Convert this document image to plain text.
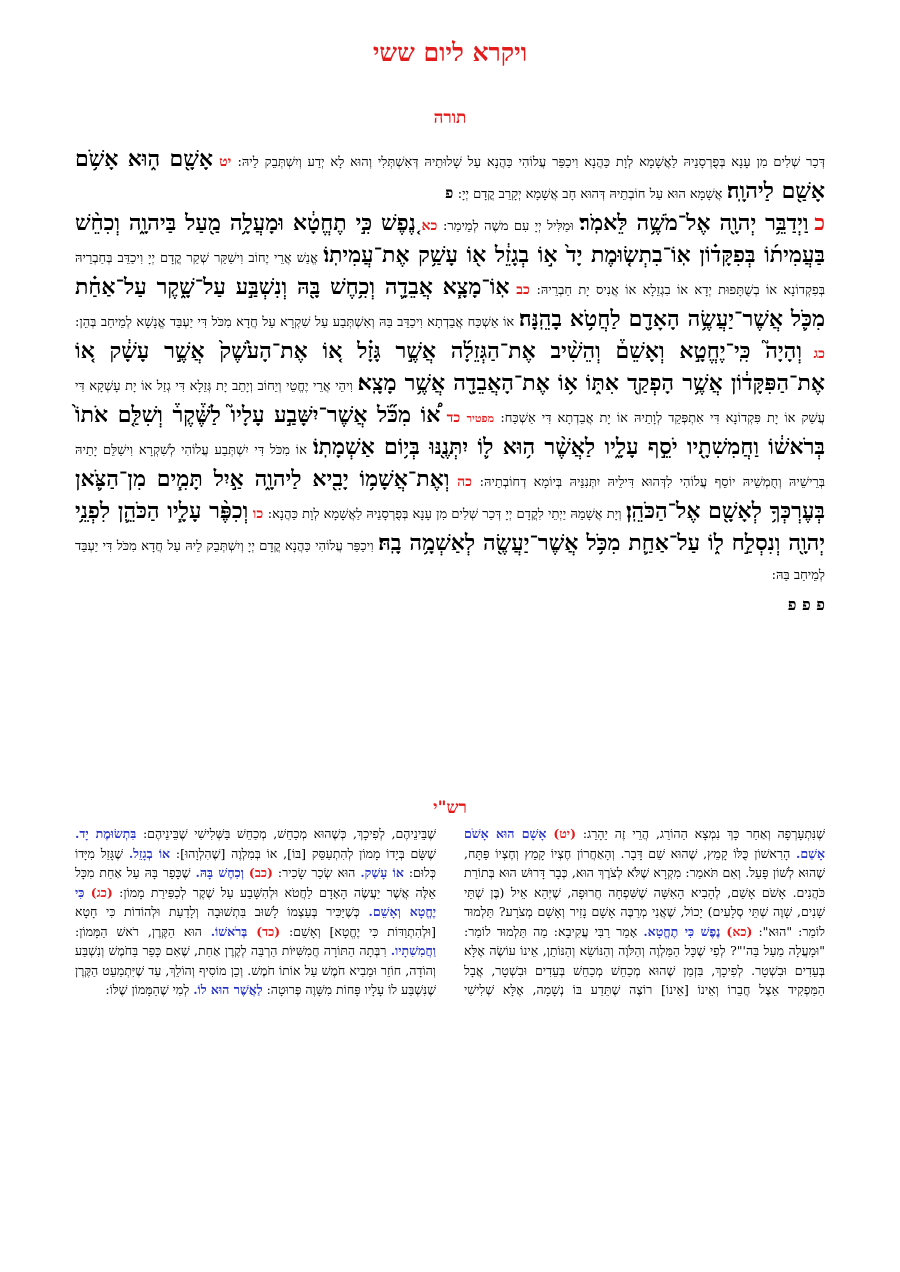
ויקרא ליום ששי
תורה
דְּכַר שְׁלִים מִן עָנָא בְּפֻרְסָנֵיהּ לַאֲשָׁמָא לְוָת כַּהֲנָא וִיכַפַּר עֲלוֹהִי כַּהֲנָא עַל שָׁלוּתֵיהּ דְּאִשְׁתְּלִי וְהוּא לָא יְדַע וְיִשְׁתְּבֵק לֵיהּ: יט אָשָׁ֖ם ה֑וּא אָשֹׁ֥ם אָשַׁ֖ם לַיהוָֽה׃ אֲשָׁמָא הוּא עַל חוֹבְתֵיהּ דְּהוּא חָב אֲשָׁמָא יְקָרֵב קֳדָם יְיָ: פ
כ וַיְדַבֵּ֥ר יְהוָ֖ה אֶל־מֹשֶׁ֥ה לֵּאמֹֽר׃ וּמַלִּיל יְיָ עִם משֶׁה לְמֵימַר: כא נֶ֚פֶשׁ כִּ֣י תֶחֱטָ֔א וּמָעֲלָ֥ה מַ֖עַל בַּיהוָ֑ה וְכִחֵ֨שׁ בַּעֲמִית֜וֹ בְּפִקָּד֗וֹן אֽוֹ־בִתְשׂ֤וּמֶת יָד֙ א֣וֹ בְגָזֵ֔ל א֖וֹ עָשַׁ֥ק אֶת־עֲמִיתֽוֹ׃ אֱנַשׁ אֲרֵי יֶחוֹב וִישַׁקַּר שְׁקַר קֳדָם יְיָ וִיכַדֵּב בְּחַבְרֵיהּ בְּפִקְדוֹנָא אוֹ בְשֻׁתָּפוּת יְדָא אוֹ בִגְזֵלָא אוֹ אֲנִיס יָת חַבְרֵיהּ: כב אֽוֹ־מָצָ֧א אֲבֵדָ֛ה וְכִ֥חֶשׁ בָּ֖הּ וְנִשְׁבַּ֣ע עַל־שָׁ֑קֶר עַל־אַחַ֗ת מִכֹּ֛ל אֲשֶׁר־יַעֲשֶׂ֥ה הָאָדָ֖ם לַחֲטֹ֥א בָהֵֽנָּה׃ אוֹ אַשְׁכַּח אֲבֵדְתָא וִיכַדֵּב בַּהּ וְאִשְׁתְּבַע עַל שִׁקְרָא עַל חֲדָא מִכֹּל דִּי יַעְבֵּד אֱנָשָׁא לְמֵיחַב בְּהֵן: כג וְהָיָה֮ כִּֽי־יֶחֱטָ֣א וְאָשֵׁם֒ וְהֵשִׁ֨יב אֶת־הַגְּזֵלָ֜ה אֲשֶׁ֣ר גָּזָ֗ל א֚וֹ אֶת־הָעֹ֙שֶׁק֙ אֲשֶׁ֣ר עָשָׁ֔ק א֚וֹ אֶת־הַפִּקָּד֔וֹן אֲשֶׁ֥ר הָפְקַ֖ד אִתּ֑וֹ א֥וֹ אֶת־הָאֲבֵדָ֖ה אֲשֶׁ֥ר מָצָֽא׃ וִיהֵי אֲרֵי יֶחֱטֵי וְיֵחוֹב וְיָתֵב יָת גְּזֵלָא דִּי גְזַל אוֹ יָת עָשְׁקָא דִּי עֲשַׁק אוֹ יָת פִּקְדוֹנָא דִּי אִתְפְּקֵד לְוָתֵיהּ אוֹ יָת אֲבֵדְתָא דִּי אַשְׁכַּח: מפטיר כד א֠וֹ מִכֹּ֞ל אֲשֶׁר־יִשָּׁבַ֣ע עָלָיו֮ לַשֶּׁ֒קֶר֒ וְשִׁלַּ֤ם אֹתוֹ֙ בְּרֹאשׁ֔וֹ וַחֲמִשִׁתָ֖יו יֹסֵ֣ף עָלָ֑יו לַאֲשֶׁ֨ר ה֥וּא ל֛וֹ יִתְּנֶ֖נּוּ בְּי֥וֹם אַשְׁמָתֽוֹ׃ אוֹ מִכֹּל דִּי יִשְׁתְּבַע עֲלוֹהִי לְשִׁקְרָא וִישַׁלֵּם יָתֵיהּ בְּרֵישֵׁיהּ וְחֻמְשֵׁיהּ יוֹסֵף עֲלוֹהִי לִדְּהוּא דִּילֵיהּ יִתְּנִנֵּיהּ בְּיוֹמָא דְחוֹבְתֵיהּ: כה וְאֶת־אֲשָׁמ֥וֹ יָבִ֖יא לַיהוָ֑ה אַ֣יִל תָּמִ֧ים מִן־הַצֹּ֛אן בְּעֶרְכְּךָ֥ לְאָשָׁ֖ם אֶל־הַכֹּהֵֽן׃ וְיָת אֲשָׁמֵהּ יַיְתֵי לִקֳדָם יְיָ דְּכַר שְׁלִים מִן עָנָא בְּפֻרְסָנֵיהּ לַאֲשָׁמָא לְוָת כַּהֲנָא: כו וְכִפֶּ֨ר עָלָ֧יו הַכֹּהֵ֛ן לִפְנֵ֥י יְהוָ֖ה וְנִסְלַ֣ח ל֑וֹ עַל־אַחַ֛ת מִכֹּ֥ל אֲשֶׁר־יַעֲשֶׂ֖ה לְאַשְׁמָ֥ה בָֽהּ׃ וִיכַפַּר עֲלוֹהִי כַּהֲנָא קֳדָם יְיָ וְיִשְׁתְּבֵק לֵיהּ עַל חֲדָא מִכֹּל דִּי יַעְבֵּד לְמֵיחַב בַּהּ:
פ פ פ
רש"י
שֶׁנִּתְעָרְפָה וְאַחַר כָּךְ נִמְצָא הַהוֹרֵג, הֲרֵי זֶה יֵהָרֵג: (יט) אָשָׁם הוּא אָשֹׁם אָשַׁם. הָרִאשׁוֹן כֻּלּוֹ קָמֵץ, שֶׁהוּא שֵׁם דָּבָר. וְהָאַחֲרוֹן חֶצְיוֹ קָמֵץ וְחֶצְיוֹ פַּתָּח, שֶׁהוּא לְשׁוֹן פָּעַל. וְאִם תֹּאמַר: מִקְרָא שֶׁלֹּא לְצֹרֶךְ הוּא, כְּבָר דָּרוּשׁ הוּא בְּתוֹרַת כֹּהֲנִים. אָשֹׁם אָשַׁם, לְהָבִיא הָאִשָּׁה שֶׁשִּׁפְחָה חֲרוּפָה, שֶׁיְּהֵא אֵיל (בֶּן שְׁתֵּי שָׁנִים, שָׁוֶה שְׁתֵּי סְלָעִים) יָכוֹל, שֶׁאֲנִי מְרַבֶּה אָשָׁם נָזִיר וְאָשָׁם מְצֹרָע? תַּלְמוּד לוֹמַר: "הוּא": (כא) נֶפֶשׁ כִּי תֶחֱטָא. אָמַר רַבִּי עֲקִיבָא: מַה תַּלְמוּד לוֹמַר: "וּמָעֲלָה מַעַל בַּה'"? לְפִי שֶׁכָּל הַמַּלְוֶה וְהַלֹּוֶה וְהַנּוֹשֵׂא וְהַנּוֹתֵן, אֵינוֹ עוֹשֶׂה אֶלָּא בְּעֵדִים וּבִשְׁטָר. לְפִיכָךְ, בִּזְמַן שֶׁהוּא מְכַחֵשׁ מְכַחֵשׁ בְּעֵדִים וּבִשְׁטָר, אֲבָל הַמַּפְקִיד אֵצֶל חֲבֵרוֹ וְאֵינוֹ [אֵינוֹ] רוֹצֶה שֶׁתֵּדַע בּוֹ נְשָׁמָה, אֶלָּא שְׁלִישִׁי שֶׁבֵּינֵיהֶם, לְפִיכָךְ, כְּשֶׁהוּא מְכַחֵשׁ, מְכַחֵשׁ בַּשְּׁלִישִׁי שֶׁבֵּינֵיהֶם: בִּתְשׂוּמֶת יָד. שֶׁשָּׂם בְּיָדוֹ מָמוֹן לְהִתְעַסֵּק [בּוֹ], אוֹ בְּמִלְוֶה [שֶׁהִלְוָהוּ]: אוֹ בְגָזֵל. שֶׁגָּזַל מִיָּדוֹ כְּלוּם: אוֹ עָשַׁק. הוּא שְׂכַר שָׂכִיר: (כב) וְכִחֶשׁ בָּהּ. שֶׁכָּפַר בָּהּ עַל אַחַת מִכָּל אֵלֶּה אֲשֶׁר יַעֲשֶׂה הָאָדָם לַחֲטֹא וּלְהִשָּׁבַע עַל שֶׁקֶר לְכַפִּירַת מָמוֹן: (כג) כִּי יֶחֱטָא וְאָשֵׁם. כְּשֶׁיַּכִּיר בְּעַצְמוֹ לָשׁוּב בִּתְשׁוּבָה וְלָדַעַת וּלְהוֹדוֹת כִּי חָטָא [וּלְהִתְוַדּוֹת כִּי יֶחֱטָא] וְאָשֵׁם: (כד) בְּרֹאשׁוֹ. הוּא הַקֶּרֶן, רֹאשׁ הַמָּמוֹן: וַחֲמִשִׁתָיו. רִבְּתָה הַתּוֹרָה חֲמִשִּׁיּוֹת הַרְבֵּה לְקֶרֶן אַחַת, שֶׁאִם כָּפַר בַּחֹמֶשׁ וְנִשְׁבַּע וְהוֹדָה, חוֹזֵר וּמֵבִיא חֹמֶשׁ עַל אוֹתוֹ חֹמֶשׁ. וְכֵן מוֹסִיף וְהוֹלֵךְ, עַד שֶׁיִּתְמַעֵט הַקֶּרֶן שֶׁנִּשְׁבַּע לוֹ עָלָיו פָּחוֹת מִשָּׁוֶה פְּרוּטָה: לַאֲשֶׁר הוּא לוֹ. לְמִי שֶׁהַמָּמוֹן שֶׁלּוֹ:
